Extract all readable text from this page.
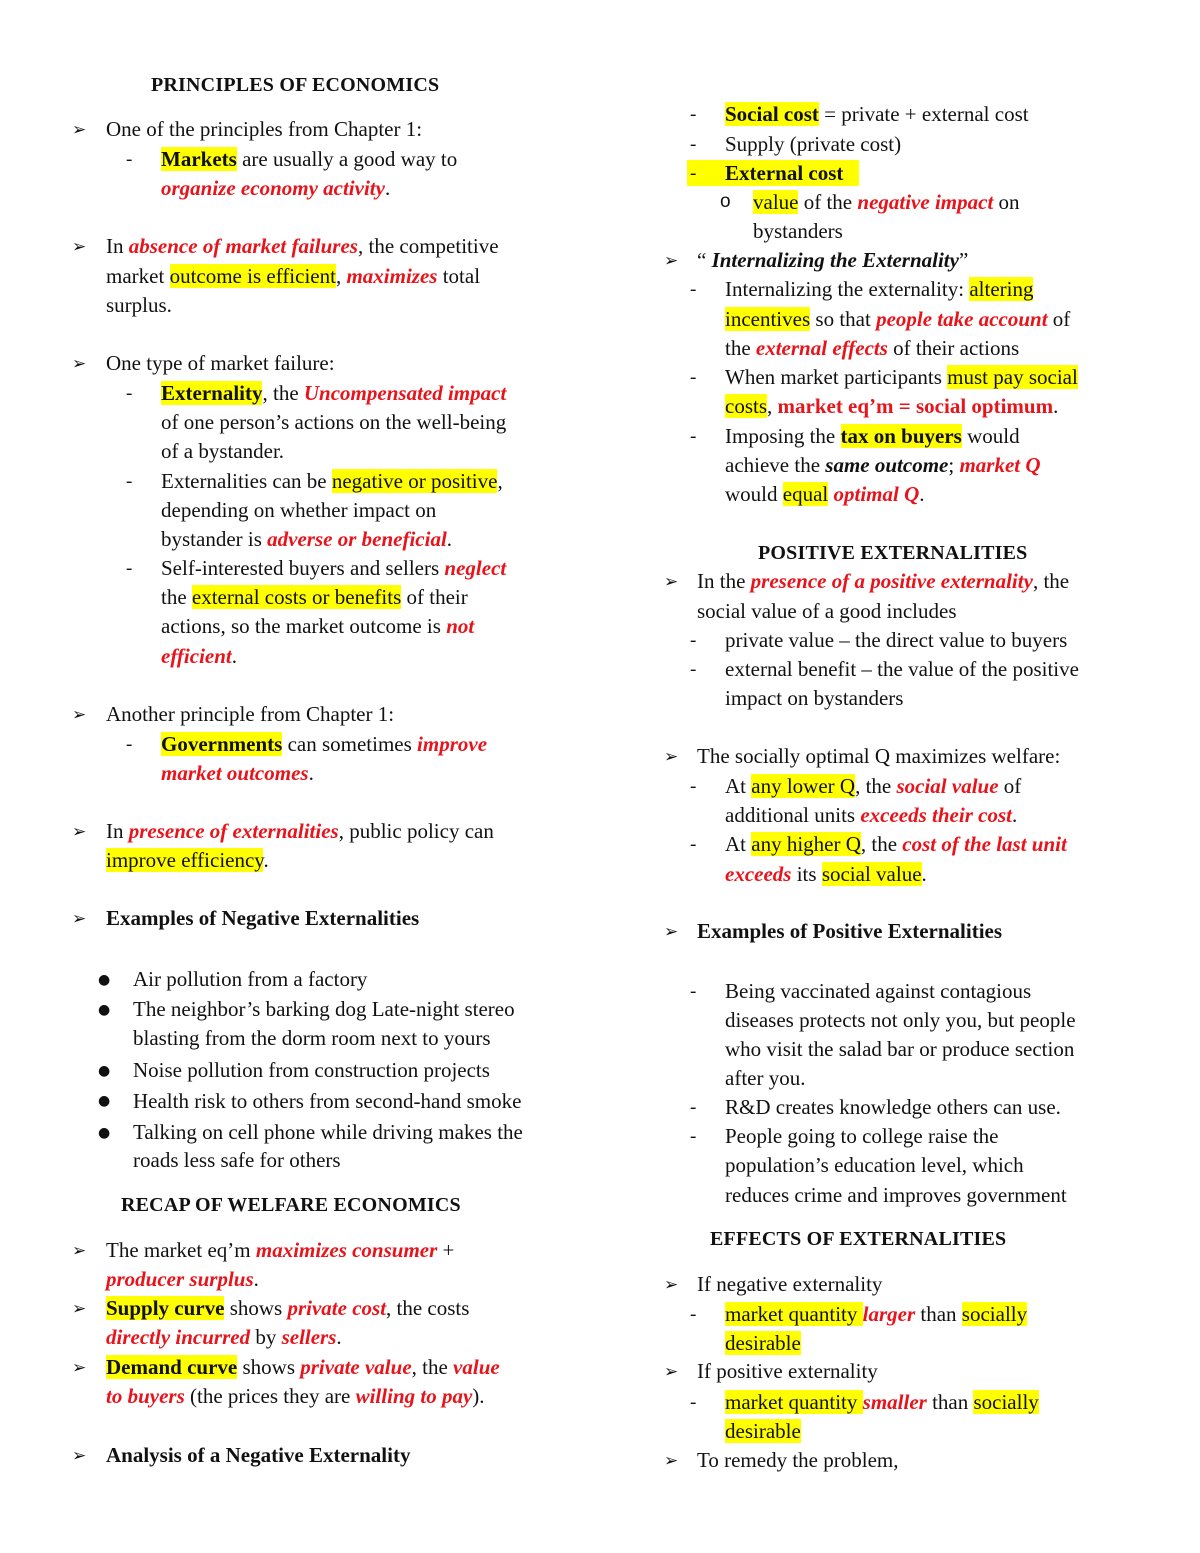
PRINCIPLES OF ECONOMICS
➢ One of the principles from Chapter 1:
- Markets are usually a good way to
organize economy activity.
➢ In absence of market failures, the competitive
market outcome is efficient, maximizes total
surplus.
➢ One type of market failure:
- Externality, the Uncompensated impact
of one person’s actions on the well-being
of a bystander.
- Externalities can be negative or positive,
depending on whether impact on
bystander is adverse or beneficial.
- Self-interested buyers and sellers neglect
the external costs or benefits of their
actions, so the market outcome is not
efficient.
➢ Another principle from Chapter 1:
- Governments can sometimes improve
market outcomes.
➢ In presence of externalities, public policy can
improve efficiency.
➢ Examples of Negative Externalities
● Air pollution from a factory
● The neighbor’s barking dog Late-night stereo
blasting from the dorm room next to yours
● Noise pollution from construction projects
● Health risk to others from second-hand smoke
● Talking on cell phone while driving makes the
roads less safe for others
RECAP OF WELFARE ECONOMICS
➢ The market eq’m maximizes consumer +
producer surplus.
➢ Supply curve shows private cost, the costs
directly incurred by sellers.
➢ Demand curve shows private value, the value
to buyers (the prices they are willing to pay).
➢ Analysis of a Negative Externality
- Social cost = private + external cost
- Supply (private cost)
- External cost
o value of the negative impact on
bystanders
➢ “ Internalizing the Externality”
- Internalizing the externality: altering
incentives so that people take account of
the external effects of their actions
- When market participants must pay social
costs, market eq’m = social optimum.
- Imposing the tax on buyers would
achieve the same outcome; market Q
would equal optimal Q.
POSITIVE EXTERNALITIES
➢ In the presence of a positive externality, the
social value of a good includes
- private value – the direct value to buyers
- external benefit – the value of the positive
impact on bystanders
➢ The socially optimal Q maximizes welfare:
- At any lower Q, the social value of
additional units exceeds their cost.
- At any higher Q, the cost of the last unit
exceeds its social value.
➢ Examples of Positive Externalities
- Being vaccinated against contagious
diseases protects not only you, but people
who visit the salad bar or produce section
after you.
- R&D creates knowledge others can use.
- People going to college raise the
population’s education level, which
reduces crime and improves government
EFFECTS OF EXTERNALITIES
➢ If negative externality
- market quantity larger than socially
desirable
➢ If positive externality
- market quantity smaller than socially
desirable
➢ To remedy the problem,
